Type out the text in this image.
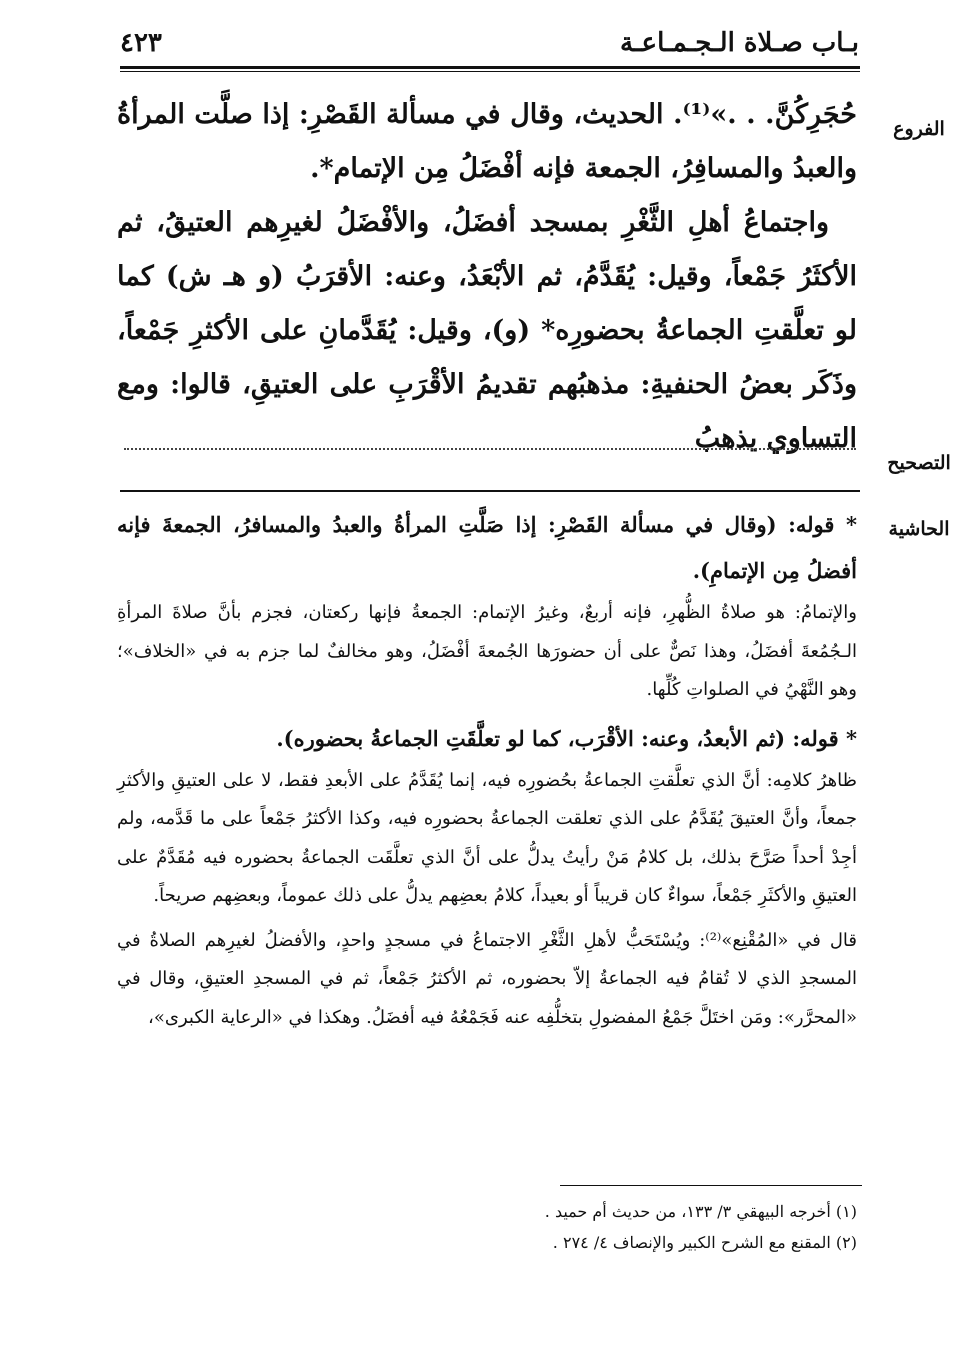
بـاب صـلاة الـجـمـاعـة
٤٢٣
الفروع
التصحيح
الحاشية

حُجَرِكُنَّ. . .»⁽¹⁾. الحديث، وقال في مسألة القَصْرِ: إذا صلَّت المرأةُ والعبدُ والمسافِرُ، الجمعة فإنه أفْضَلُ مِن الإتمام*.

واجتماعُ أهلِ الثَّغْرِ بمسجد أفضَلُ، والأفْضَلُ لغيرِهم العتيقُ، ثم الأكثَرُ جَمْعاً، وقيل: يُقَدَّمُ، ثم الأبْعَدُ، وعنه: الأقرَبُ (و هـ ش) كما لو تعلَّقتِ الجماعةُ بحضورِه* (و)، وقيل: يُقَدَّمانِ على الأكثرِ جَمْعاً، وذَكَر بعضُ الحنفيةِ: مذهبُهم تقديمُ الأقْرَبِ على العتيقِ، قالوا: ومع التساوي يذهبُ

* قوله: (وقال في مسألة القَصْرِ: إذا صَلَّتِ المرأةُ والعبدُ والمسافرُ، الجمعةَ فإنه أفضلُ مِن الإتمامِ).

والإتمامُ: هو صلاةُ الظُّهرِ، فإنه أربعٌ، وغيرُ الإتمام: الجمعةُ فإنها ركعتان، فجزم بأنَّ صلاةَ المرأةِ الـجُمُعةَ أفضَلُ، وهذا نَصٌّ على أن حضورَها الجُمعةَ أفْضَلُ، وهو مخالفٌ لما جزم به في «الخلاف»؛ وهو النَّهْيُ في الصلواتِ كُلِّها.

* قوله: (ثم الأبعدُ، وعنه: الأقْرَب، كما لو تعلَّقَتِ الجماعةُ بحضوره).

ظاهرُ كلامِه: أنَّ الذي تعلَّقتِ الجماعةُ بحُضورِه فيه، إنما يُقَدَّمُ على الأبعدِ فقط، لا على العتيقِ والأكثرِ جمعاً، وأنَّ العتيقَ يُقَدَّمُ على الذي تعلقت الجماعةُ بحضورِه فيه، وكذا الأكثرُ جَمْعاً على ما قَدَّمه، ولم أجِدْ أحداً صَرَّحَ بذلك، بل كلامُ مَنْ رأيتُ يدلُّ على أنَّ الذي تعلَّقَت الجماعةُ بحضوره فيه مُقَدَّمٌ على العتيقِ والأكثَرِ جَمْعاً، سواءٌ كان قريباً أو بعيداً، كلامُ بعضِهم يدلُّ على ذلك عموماً، وبعضِهم صريحاً.

قال في «المُقْنِع»⁽²⁾: ويُسْتَحَبُّ لأهلِ الثَّغْرِ الاجتماعُ في مسجدٍ واحدٍ، والأفضلُ لغيرِهم الصلاةُ في المسجدِ الذي لا تُقامُ فيه الجماعةُ إلاّ بحضوره، ثم الأكثرُ جَمْعاً، ثم في المسجدِ العتيقِ، وقال في «المحرَّر»: ومَن اختَلَّ جَمْعُ المفضولِ بتخلُّفِه عنه فَجَمْعُهُ فيه أفضَلُ. وهكذا في «الرعاية الكبرى»،

(١) أخرجه البيهقي ٣/ ١٣٣، من حديث أم حميد .

(٢) المقنع مع الشرح الكبير والإنصاف ٤/ ٢٧٤ .
